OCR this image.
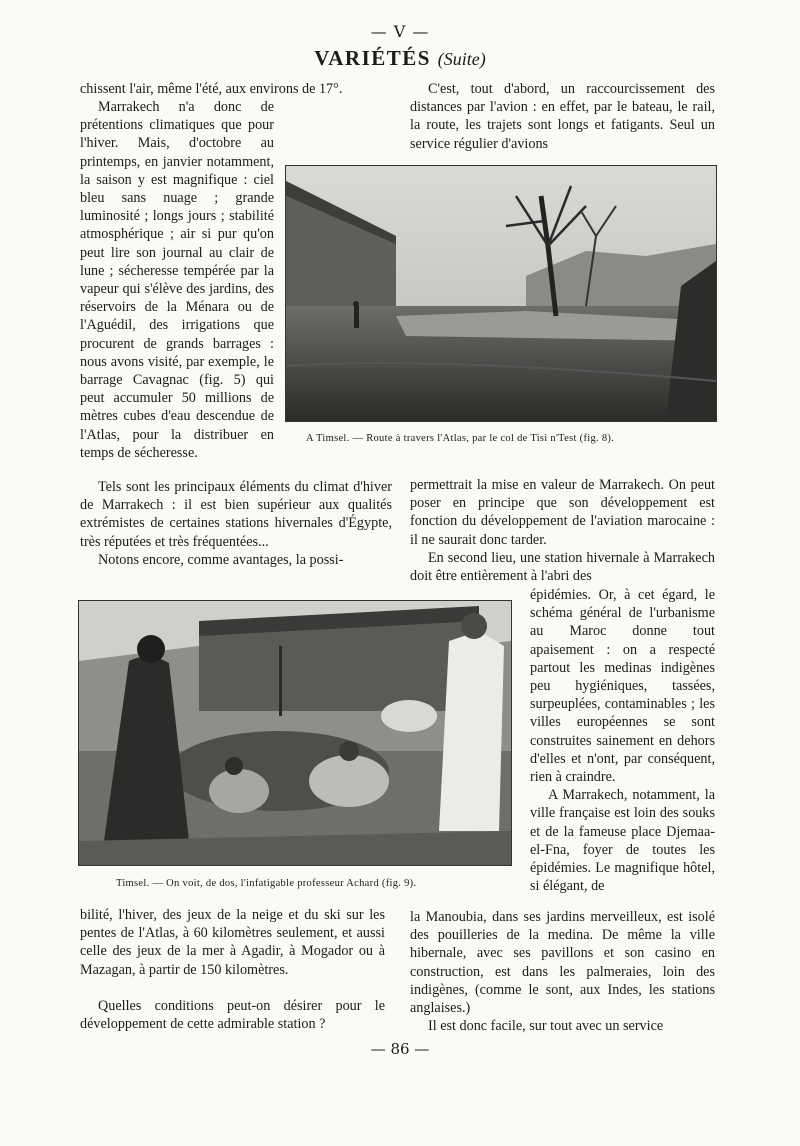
— V —
VARIÉTÉS (Suite)

chissent l'air, même l'été, aux environs de 17°.

Marrakech n'a donc de prétentions climatiques que pour l'hiver. Mais, d'octobre au printemps, en janvier notamment, la saison y est magnifique : ciel bleu sans nuage ; grande luminosité ; longs jours ; stabilité atmosphérique ; air si pur qu'on peut lire son journal au clair de lune ; sécheresse tempérée par la vapeur qui s'élève des jardins, des réservoirs de la Ménara ou de l'Aguédil, des irrigations que procurent de grands barrages : nous avons visité, par exemple, le barrage Cavagnac (fig. 5) qui peut accumuler 50 millions de mètres cubes d'eau descendue de l'Atlas, pour la distribuer en temps de sécheresse.

Tels sont les principaux éléments du climat d'hiver de Marrakech : il est bien supérieur aux qualités extrémistes de certaines stations hivernales d'Égypte, très réputées et très fréquentées...

Notons encore, comme avantages, la possi-

C'est, tout d'abord, un raccourcissement des distances par l'avion : en effet, par le bateau, le rail, la route, les trajets sont longs et fatigants. Seul un service régulier d'avions

A Timsel. — Route à travers l'Atlas, par le col de Tisi n'Test (fig. 8).

permettrait la mise en valeur de Marrakech. On peut poser en principe que son développement est fonction du développement de l'aviation marocaine : il ne saurait donc tarder.

En second lieu, une station hivernale à Marrakech doit être entièrement à l'abri des

épidémies. Or, à cet égard, le schéma général de l'urbanisme au Maroc donne tout apaisement : on a respecté partout les medinas indigènes peu hygiéniques, tassées, surpeuplées, contaminables ; les villes européennes se sont construites sainement en dehors d'elles et n'ont, par conséquent, rien à craindre.

A Marrakech, notamment, la ville française est loin des souks et de la fameuse place Djemaa-el-Fna, foyer de toutes les épidémies. Le magnifique hôtel, si élégant, de

Timsel. — On voit, de dos, l'infatigable professeur Achard (fig. 9).

bilité, l'hiver, des jeux de la neige et du ski sur les pentes de l'Atlas, à 60 kilomètres seulement, et aussi celle des jeux de la mer à Agadir, à Mogador ou à Mazagan, à partir de 150 kilomètres.

Quelles conditions peut-on désirer pour le développement de cette admirable station ?

la Manoubia, dans ses jardins merveilleux, est isolé des pouilleries de la medina. De même la ville hibernale, avec ses pavillons et son casino en construction, est dans les palmeraies, loin des indigènes, (comme le sont, aux Indes, les stations anglaises.)

Il est donc facile, sur tout avec un service

— 86 —
